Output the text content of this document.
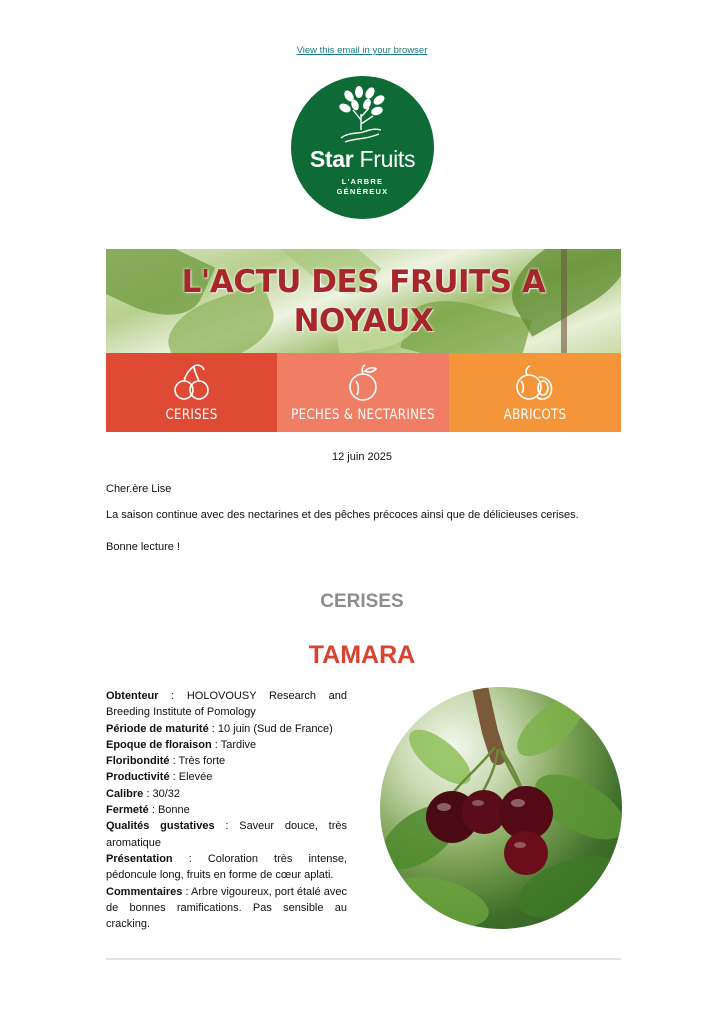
View this email in your browser
Star Fruits
L'ARBRE
GÉNÉREUX
L'ACTU DES FRUITS A
NOYAUX
CERISES	PECHES & NECTARINES	ABRICOTS
12 juin 2025
Cher.ère Lise
La saison continue avec des nectarines et des pêches précoces ainsi que de délicieuses cerises.
Bonne lecture !
CERISES
TAMARA

Obtenteur : HOLOVOUSY Research and Breeding Institute of Pomology

Période de maturité : 10 juin (Sud de France)

Epoque de floraison : Tardive

Floribondité : Très forte

Productivité : Elevée

Calibre : 30/32

Fermeté : Bonne

Qualités gustatives : Saveur douce, très aromatique

Présentation : Coloration très intense, pédoncule long, fruits en forme de cœur aplati.

Commentaires : Arbre vigoureux, port étalé avec de bonnes ramifications. Pas sensible au cracking.
